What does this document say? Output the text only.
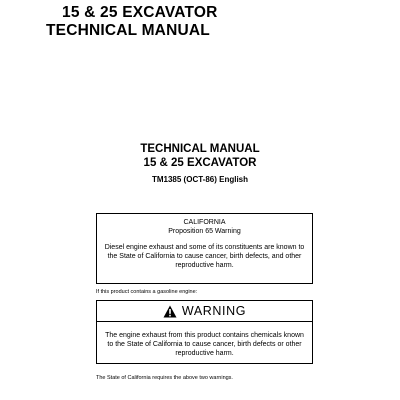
15 & 25 EXCAVATOR
TECHNICAL MANUAL
TECHNICAL MANUAL
15 & 25 EXCAVATOR
TM1385 (OCT-86) English
CALIFORNIA
Proposition 65 Warning
Diesel engine exhaust and some of its constituents are known to the State of California to cause cancer, birth defects, and other reproductive harm.
If this product contains a gasoline engine:
WARNING
The engine exhaust from this product contains chemicals known to the State of California to cause cancer, birth defects or other reproductive harm.
The State of California requires the above two warnings.
